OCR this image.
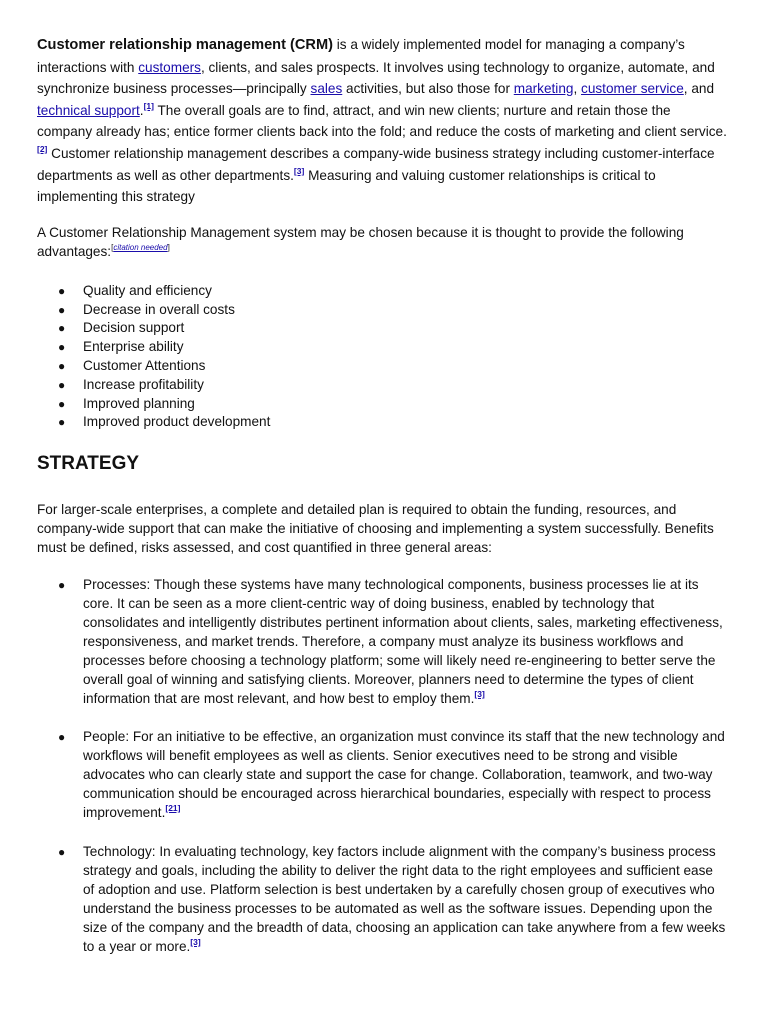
Customer relationship management (CRM) is a widely implemented model for managing a company’s interactions with customers, clients, and sales prospects. It involves using technology to organize, automate, and synchronize business processes—principally sales activities, but also those for marketing, customer service, and technical support.[1] The overall goals are to find, attract, and win new clients; nurture and retain those the company already has; entice former clients back into the fold; and reduce the costs of marketing and client service.[2] Customer relationship management describes a company-wide business strategy including customer-interface departments as well as other departments.[3] Measuring and valuing customer relationships is critical to implementing this strategy

A Customer Relationship Management system may be chosen because it is thought to provide the following advantages:[citation needed]

● Quality and efficiency
● Decrease in overall costs
● Decision support
● Enterprise ability
● Customer Attentions
● Increase profitability
● Improved planning
● Improved product development
STRATEGY

For larger-scale enterprises, a complete and detailed plan is required to obtain the funding, resources, and company-wide support that can make the initiative of choosing and implementing a system successfully. Benefits must be defined, risks assessed, and cost quantified in three general areas:

● Processes: Though these systems have many technological components, business processes lie at its core. It can be seen as a more client-centric way of doing business, enabled by technology that consolidates and intelligently distributes pertinent information about clients, sales, marketing effectiveness, responsiveness, and market trends. Therefore, a company must analyze its business workflows and processes before choosing a technology platform; some will likely need re-engineering to better serve the overall goal of winning and satisfying clients. Moreover, planners need to determine the types of client information that are most relevant, and how best to employ them.[3]
● People: For an initiative to be effective, an organization must convince its staff that the new technology and workflows will benefit employees as well as clients. Senior executives need to be strong and visible advocates who can clearly state and support the case for change. Collaboration, teamwork, and two-way communication should be encouraged across hierarchical boundaries, especially with respect to process improvement.[21]
● Technology: In evaluating technology, key factors include alignment with the company’s business process strategy and goals, including the ability to deliver the right data to the right employees and sufficient ease of adoption and use. Platform selection is best undertaken by a carefully chosen group of executives who understand the business processes to be automated as well as the software issues. Depending upon the size of the company and the breadth of data, choosing an application can take anywhere from a few weeks to a year or more.[3]
